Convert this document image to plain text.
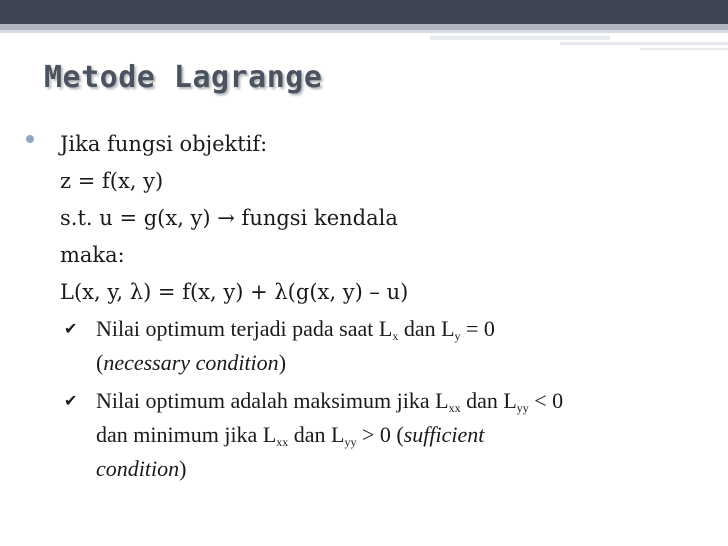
Metode Lagrange
Jika fungsi objektif:
z = f(x, y)
s.t. u = g(x, y) → fungsi kendala
maka:
L(x, y, λ) = f(x, y) + λ(g(x, y) – u)
✔ Nilai optimum terjadi pada saat $L_x$ dan $L_y = 0$
(necessary condition)
✔ Nilai optimum adalah maksimum jika $L_{xx}$ dan $L_{yy} < 0$
dan minimum jika $L_{xx}$ dan $L_{yy} > 0$ (sufficient
condition)
